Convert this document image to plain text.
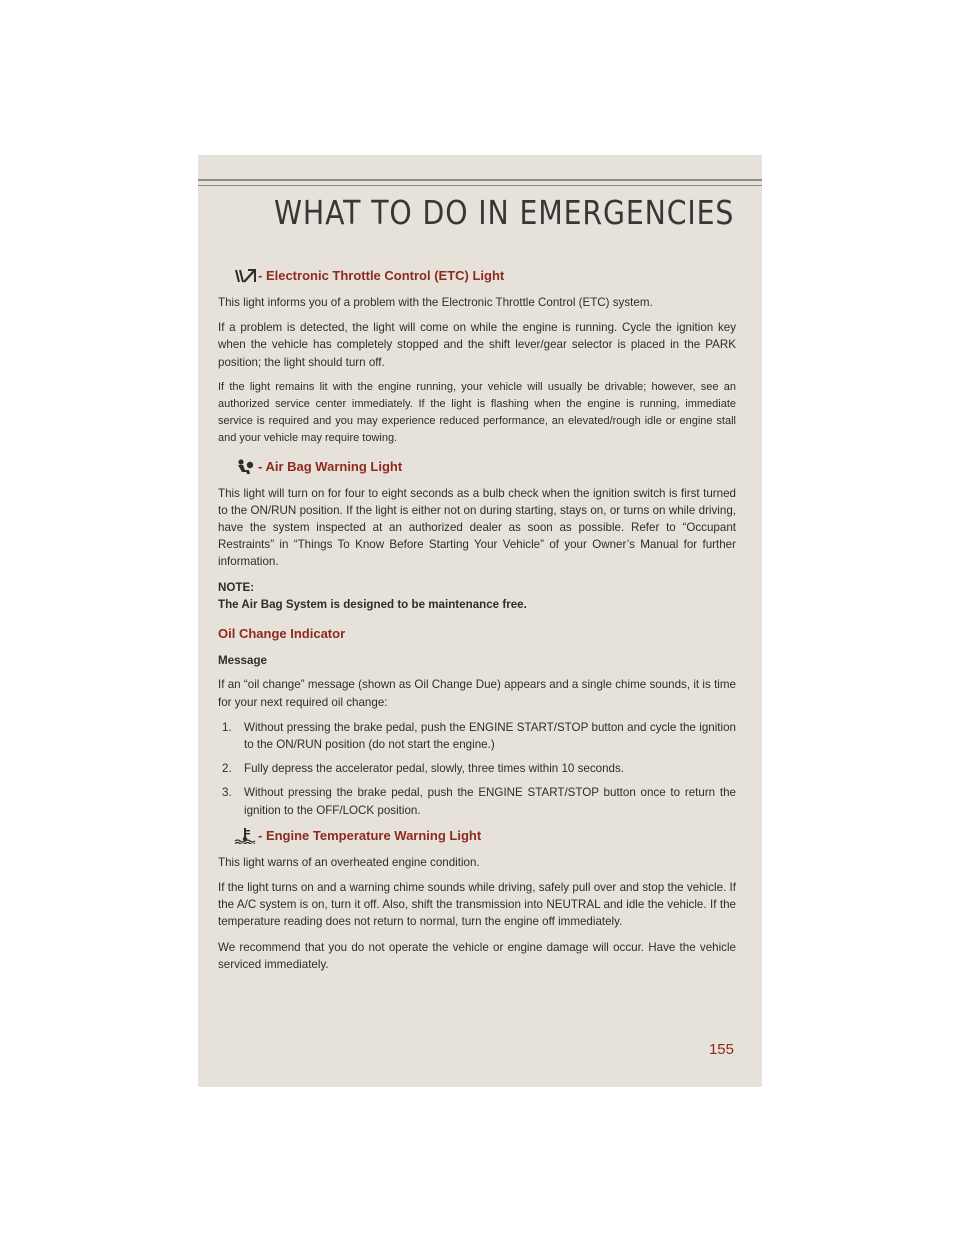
WHAT TO DO IN EMERGENCIES
- Electronic Throttle Control (ETC) Light

This light informs you of a problem with the Electronic Throttle Control (ETC) system.

If a problem is detected, the light will come on while the engine is running. Cycle the ignition key when the vehicle has completely stopped and the shift lever/gear selector is placed in the PARK position; the light should turn off.

If the light remains lit with the engine running, your vehicle will usually be drivable; however, see an authorized service center immediately. If the light is flashing when the engine is running, immediate service is required and you may experience reduced performance, an elevated/rough idle or engine stall and your vehicle may require towing.

- Air Bag Warning Light

This light will turn on for four to eight seconds as a bulb check when the ignition switch is first turned to the ON/RUN position. If the light is either not on during starting, stays on, or turns on while driving, have the system inspected at an authorized dealer as soon as possible. Refer to “Occupant Restraints” in “Things To Know Before Starting Your Vehicle” of your Owner’s Manual for further information.

NOTE:
The Air Bag System is designed to be maintenance free.
Oil Change Indicator
Message

If an “oil change” message (shown as Oil Change Due) appears and a single chime sounds, it is time for your next required oil change:

1. Without pressing the brake pedal, push the ENGINE START/STOP button and cycle the ignition to the ON/RUN position (do not start the engine.)
2. Fully depress the accelerator pedal, slowly, three times within 10 seconds.
3. Without pressing the brake pedal, push the ENGINE START/STOP button once to return the ignition to the OFF/LOCK position.
- Engine Temperature Warning Light

This light warns of an overheated engine condition.

If the light turns on and a warning chime sounds while driving, safely pull over and stop the vehicle. If the A/C system is on, turn it off. Also, shift the transmission into NEUTRAL and idle the vehicle. If the temperature reading does not return to normal, turn the engine off immediately.

We recommend that you do not operate the vehicle or engine damage will occur. Have the vehicle serviced immediately.

155
